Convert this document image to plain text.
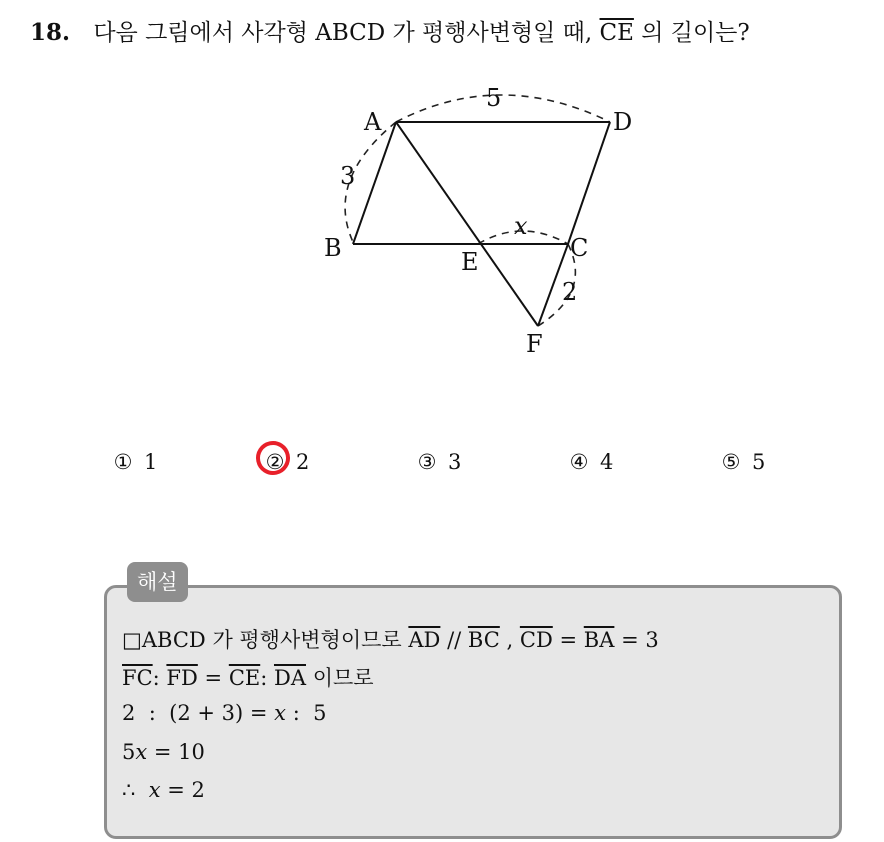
18. 다음 그림에서 사각형 ABCD 가 평행사변형일 때, $\overline{CE}$ 의 길이는?
A	D
B	C
E
F
5
3
x
2
① 1	② 2	③ 3	④ 4	⑤ 5
해설
□ABCD 가 평행사변형이므로 $\overline{AD} // \overline{BC}$ , $\overline{CD} = \overline{BA} = 3$
$\overline{FC}$: $\overline{FD} = \overline{CE}$: $\overline{DA}$ 이므로
2  :  (2 + 3) = x :  5
5x = 10
∴ x = 2
